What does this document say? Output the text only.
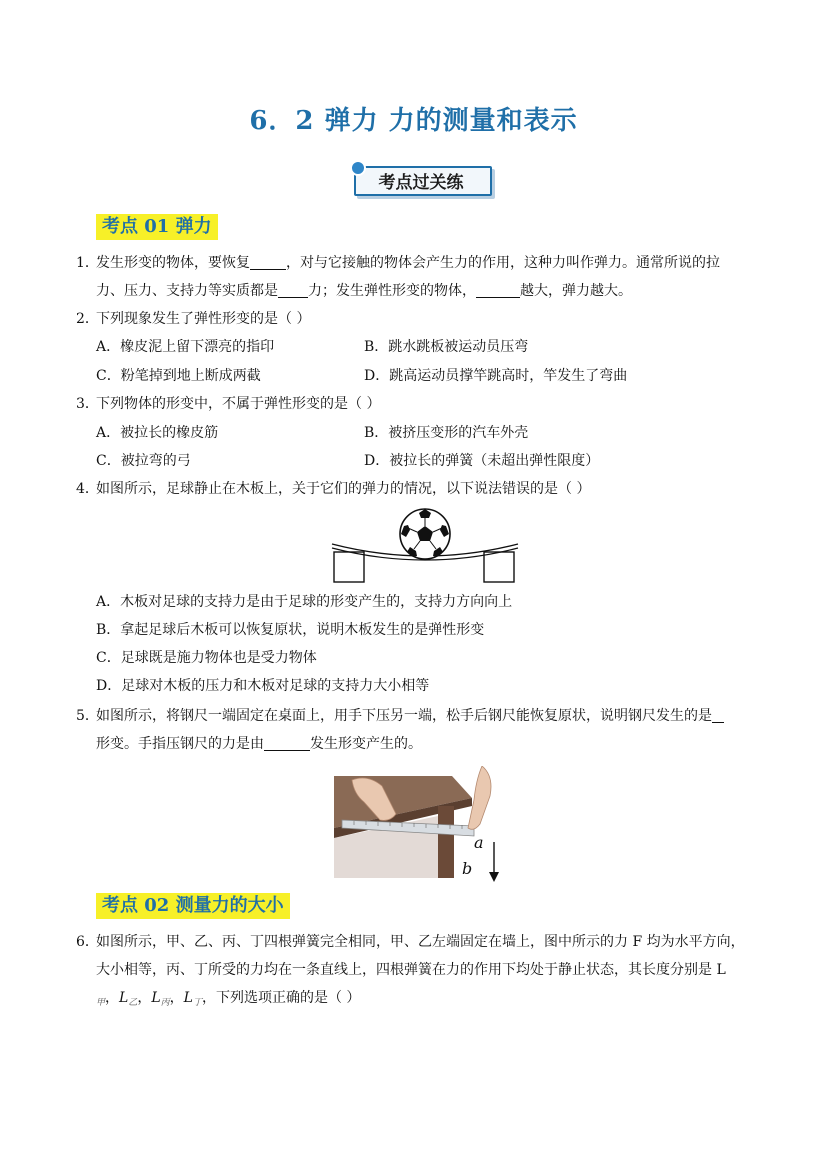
6．2 弹力 力的测量和表示
考点过关练
考点 01 弹力
1．
发生形变的物体，要恢复	，对与它接触的物体会产生力的作用，这种力叫作弹力。通常所说的拉
力、压力、支持力等实质都是 力；发生弹性形变的物体，	越大，弹力越大。
2．
下列现象发生了弹性形变的是（ ）
A．橡皮泥上留下漂亮的指印	B．跳水跳板被运动员压弯
C．粉笔掉到地上断成两截	D．跳高运动员撑竿跳高时，竿发生了弯曲
3．
下列物体的形变中，不属于弹性形变的是（ ）
A．被拉长的橡皮筋	B．被挤压变形的汽车外壳
C．被拉弯的弓	D．被拉长的弹簧（未超出弹性限度）
4．
如图所示，足球静止在木板上，关于它们的弹力的情况，以下说法错误的是（ ）
A．木板对足球的支持力是由于足球的形变产生的，支持力方向向上
B．拿起足球后木板可以恢复原状，说明木板发生的是弹性形变
C．足球既是施力物体也是受力物体
D．足球对木板的压力和木板对足球的支持力大小相等
5．
如图所示，将钢尺一端固定在桌面上，用手下压另一端，松手后钢尺能恢复原状，说明钢尺发生的是
形变。手指压钢尺的力是由	发生形变产生的。
a
b
考点 02 测量力的大小
6．
如图所示，甲、乙、丙、丁四根弹簧完全相同，甲、乙左端固定在墙上，图中所示的力 F 均为水平方向，
大小相等，丙、丁所受的力均在一条直线上，四根弹簧在力的作用下均处于静止状态，其长度分别是 L
$_甲$，$L_乙$，$L_丙$，$L_丁$，下列选项正确的是（ ）
